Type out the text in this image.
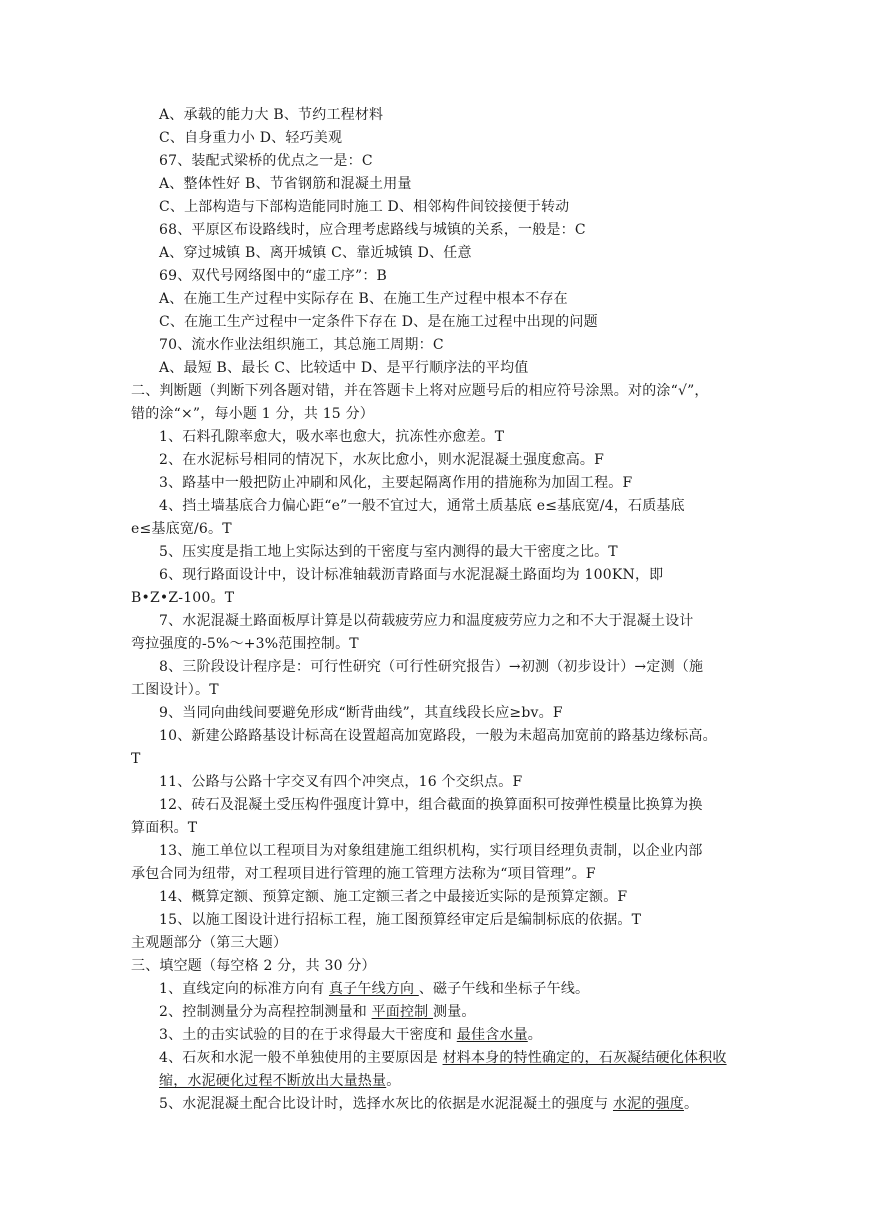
A、承载的能力大 B、节约工程材料
C、自身重力小 D、轻巧美观
67、装配式梁桥的优点之一是：C
A、整体性好 B、节省钢筋和混凝土用量
C、上部构造与下部构造能同时施工 D、相邻构件间铰接便于转动
68、平原区布设路线时，应合理考虑路线与城镇的关系，一般是：C
A、穿过城镇 B、离开城镇 C、靠近城镇 D、任意
69、双代号网络图中的“虚工序”：B
A、在施工生产过程中实际存在 B、在施工生产过程中根本不存在
C、在施工生产过程中一定条件下存在 D、是在施工过程中出现的问题
70、流水作业法组织施工，其总施工周期：C
A、最短 B、最长 C、比较适中 D、是平行顺序法的平均值
二、判断题（判断下列各题对错，并在答题卡上将对应题号后的相应符号涂黑。对的涂“√”，
错的涂“×”，每小题 1 分，共 15 分）
1、石料孔隙率愈大，吸水率也愈大，抗冻性亦愈差。T
2、在水泥标号相同的情况下，水灰比愈小，则水泥混凝土强度愈高。F
3、路基中一般把防止冲刷和风化，主要起隔离作用的措施称为加固工程。F
4、挡土墙基底合力偏心距“e”一般不宜过大，通常土质基底 e≤基底宽/4，石质基底
e≤基底宽/6。T
5、压实度是指工地上实际达到的干密度与室内测得的最大干密度之比。T
6、现行路面设计中，设计标准轴载沥青路面与水泥混凝土路面均为 100KN，即
B•Z•Z-100。T
7、水泥混凝土路面板厚计算是以荷载疲劳应力和温度疲劳应力之和不大于混凝土设计
弯拉强度的-5%～+3%范围控制。T
8、三阶段设计程序是：可行性研究（可行性研究报告）→初测（初步设计）→定测（施
工图设计）。T
9、当同向曲线间要避免形成“断背曲线”，其直线段长应≥bv。F
10、新建公路路基设计标高在设置超高加宽路段，一般为未超高加宽前的路基边缘标高。
T
11、公路与公路十字交叉有四个冲突点，16 个交织点。F
12、砖石及混凝土受压构件强度计算中，组合截面的换算面积可按弹性模量比换算为换
算面积。T
13、施工单位以工程项目为对象组建施工组织机构，实行项目经理负责制，以企业内部
承包合同为纽带，对工程项目进行管理的施工管理方法称为“项目管理”。F
14、概算定额、预算定额、施工定额三者之中最接近实际的是预算定额。F
15、以施工图设计进行招标工程，施工图预算经审定后是编制标底的依据。T
主观题部分（第三大题）
三、填空题（每空格 2 分，共 30 分）
1、直线定向的标准方向有 真子午线方向 、磁子午线和坐标子午线。
2、控制测量分为高程控制测量和 平面控制 测量。
3、土的击实试验的目的在于求得最大干密度和 最佳含水量。
4、石灰和水泥一般不单独使用的主要原因是 材料本身的特性确定的，石灰凝结硬化体积收缩，水泥硬化过程不断放出大量热量。
5、水泥混凝土配合比设计时，选择水灰比的依据是水泥混凝土的强度与 水泥的强度。
